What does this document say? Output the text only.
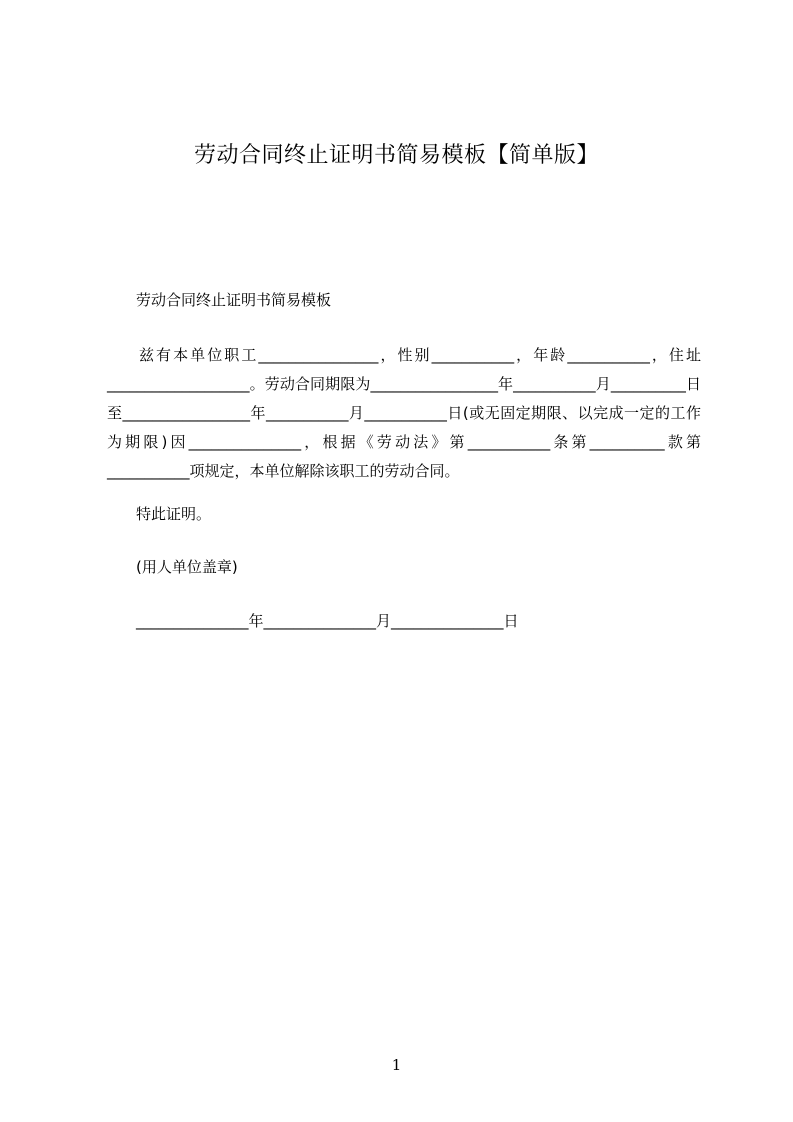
劳动合同终止证明书简易模板【简单版】
劳动合同终止证明书简易模板
兹有本单位职工________________，性别___________，年龄___________，住址___________________。劳动合同期限为_________________年___________月__________日至_________________年___________月___________日(或无固定期限、以完成一定的工作为期限)因_______________，根据《劳动法》第___________条第__________款第___________项规定，本单位解除该职工的劳动合同。
特此证明。
(用人单位盖章)
_______________年_______________月_______________日
1
